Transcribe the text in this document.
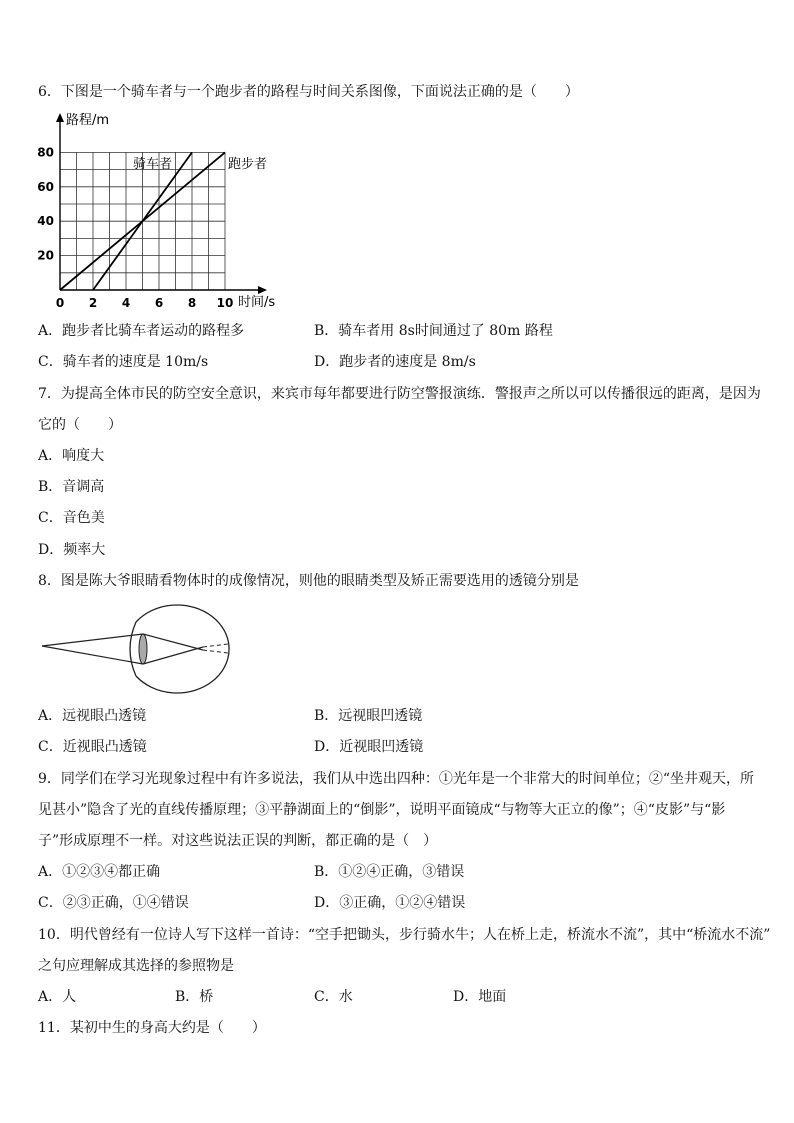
6．下图是一个骑车者与一个跑步者的路程与时间关系图像，下面说法正确的是（　　）
0 2 4 6 8 10
20
40
60
80
路程/m
时间/s
骑车者	跑步者
A．跑步者比骑车者运动的路程多	B．骑车者用 8s时间通过了 80m 路程
C．骑车者的速度是 10m/s	D．跑步者的速度是 8m/s
7．为提高全体市民的防空安全意识，来宾市每年都要进行防空警报演练．警报声之所以可以传播很远的距离，是因为
它的（　　）
A．响度大
B．音调高
C．音色美
D．频率大
8．图是陈大爷眼睛看物体时的成像情况，则他的眼睛类型及矫正需要选用的透镜分别是
A．远视眼凸透镜	B．远视眼凹透镜
C．近视眼凸透镜	D．近视眼凹透镜
9．同学们在学习光现象过程中有许多说法，我们从中选出四种：①光年是一个非常大的时间单位；②“坐井观天，所
见甚小”隐含了光的直线传播原理；③平静湖面上的“倒影”，说明平面镜成“与物等大正立的像”；④“皮影”与“影
子”形成原理不一样。对这些说法正误的判断，都正确的是（　）
A．①②③④都正确	B．①②④正确，③错误
C．②③正确，①④错误	D．③正确，①②④错误
10．明代曾经有一位诗人写下这样一首诗：“空手把锄头，步行骑水牛；人在桥上走，桥流水不流”，其中“桥流水不流”
之句应理解成其选择的参照物是
A．人	B．桥	C．水	D．地面
11．某初中生的身高大约是（　　）
